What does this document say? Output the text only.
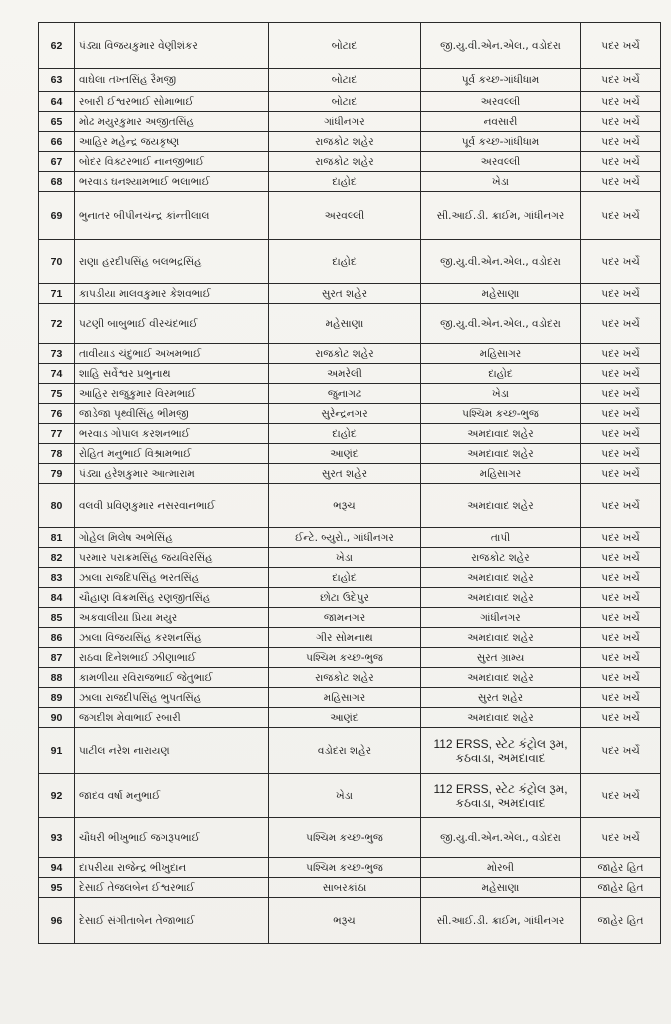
62	પંડ્યા વિજયકુમાર વેણીશંકર	બોટાદ	જી.યુ.વી.એન.એલ., વડોદરા	પદર ખર્ચે
63	વાઘેલા તખ્તસિંહ રૈમજી	બોટાદ	પૂર્વ કચ્છ-ગાંધીધામ	પદર ખર્ચે
64	રબારી ઈશ્વરભાઈ સોમાભાઈ	બોટાદ	અરવલ્લી	પદર ખર્ચે
65	મોઢ મયુરકુમાર અજીતસિંહ	ગાંધીનગર	નવસારી	પદર ખર્ચે
66	આહિર મહેન્દ્ર જયકૃષ્ણ	રાજકોટ શહેર	પૂર્વ કચ્છ-ગાંધીધામ	પદર ખર્ચે
67	બોદર વિક્ટરભાઈ નાનજીભાઈ	રાજકોટ શહેર	અરવલ્લી	પદર ખર્ચે
68	ભરવાડ ઘનશ્યામભાઈ ભલાભાઈ	દાહોદ	ખેડા	પદર ખર્ચે
69	ભુનાતર બીપીનચંન્દ્ર કાંન્તીલાલ	અરવલ્લી	સી.આઈ.ડી. ક્રાઈમ, ગાંધીનગર	પદર ખર્ચે
70	રાણા હરદીપસિંહ બલભદ્રસિંહ	દાહોદ	જી.યુ.વી.એન.એલ., વડોદરા	પદર ખર્ચે
71	કાપડીયા માલવકુમાર કેશવભાઈ	સુરત શહેર	મહેસાણા	પદર ખર્ચે
72	પટણી બાબુભાઈ વીરચંદભાઈ	મહેસાણા	જી.યુ.વી.એન.એલ., વડોદરા	પદર ખર્ચે
73	તાવીયાડ ચંદુભાઈ અખમભાઈ	રાજકોટ શહેર	મહિસાગર	પદર ખર્ચે
74	શાહિ સર્વેશ્વર પ્રભુનાથ	અમરેલી	દાહોદ	પદર ખર્ચે
75	આહિર રાજુકુમાર વિરમભાઈ	જુનાગઢ	ખેડા	પદર ખર્ચે
76	જાડેજા પૃથ્વીસિંહ ભીમજી	સુરેન્દ્રનગર	પશ્ચિમ કચ્છ-ભુજ	પદર ખર્ચે
77	ભરવાડ ગોપાલ કરશનભાઈ	દાહોદ	અમદાવાદ શહેર	પદર ખર્ચે
78	રોહિત મનુભાઈ વિશ્રામભાઈ	આણંદ	અમદાવાદ શહેર	પદર ખર્ચે
79	પંડ્યા હરેશકુમાર આત્મારામ	સુરત શહેર	મહિસાગર	પદર ખર્ચે
80	વલવી પ્રવિણકુમાર નસરવાનભાઈ	ભરૂચ	અમદાવાદ શહેર	પદર ખર્ચે
81	ગોહેલ મિલેષ અભેસિંહ	ઈન્ટે. બ્યુરો., ગાંધીનગર	તાપી	પદર ખર્ચે
82	પરમાર પરાક્રમસિંહ જયવિરસિંહ	ખેડા	રાજકોટ શહેર	પદર ખર્ચે
83	ઝાલા રાજદિપસિંહ ભરતસિંહ	દાહોદ	અમદાવાદ શહેર	પદર ખર્ચે
84	ચૌહાણ વિક્રમસિંહ રણજીતસિંહ	છોટા ઉદેપુર	અમદાવાદ શહેર	પદર ખર્ચે
85	અકવાલીયા પ્રિયા મયુર	જામનગર	ગાંધીનગર	પદર ખર્ચે
86	ઝાલા વિજયસિંહ કરશનસિંહ	ગીર સોમનાથ	અમદાવાદ શહેર	પદર ખર્ચે
87	રાઠવા દિનેશભાઈ ઝીણાભાઈ	પશ્ચિમ કચ્છ-ભુજ	સુરત ગ્રામ્ય	પદર ખર્ચે
88	કામળીયા રવિરાજભાઈ જેતુભાઈ	રાજકોટ શહેર	અમદાવાદ શહેર	પદર ખર્ચે
89	ઝાલા રાજદીપસિંહ ભુપતસિંહ	મહિસાગર	સુરત શહેર	પદર ખર્ચે
90	જગદીશ મેવાભાઈ રબારી	આણંદ	અમદાવાદ શહેર	પદર ખર્ચે
91	પાટીલ નરેશ નારાયણ	વડોદરા શહેર	112 ERSS, સ્ટેટ કંટ્રોલ રૂમ, કઠવાડા, અમદાવાદ	પદર ખર્ચે
92	જાદવ વર્ષા મનુભાઈ	ખેડા	112 ERSS, સ્ટેટ કંટ્રોલ રૂમ, કઠવાડા, અમદાવાદ	પદર ખર્ચે
93	ચૌધરી ભીખુભાઈ જગરૂપભાઈ	પશ્ચિમ કચ્છ-ભુજ	જી.યુ.વી.એન.એલ., વડોદરા	પદર ખર્ચે
94	દાપરીયા રાજેન્દ્ર ભીખુદાન	પશ્ચિમ કચ્છ-ભુજ	મોરબી	જાહેર હિત
95	દેસાઈ તેજલબેન ઈશ્વરભાઈ	સાબરકાંઠા	મહેસાણા	જાહેર હિત
96	દેસાઈ સંગીતાબેન તેજાભાઈ	ભરૂચ	સી.આઈ.ડી. ક્રાઈમ, ગાંધીનગર	જાહેર હિત
